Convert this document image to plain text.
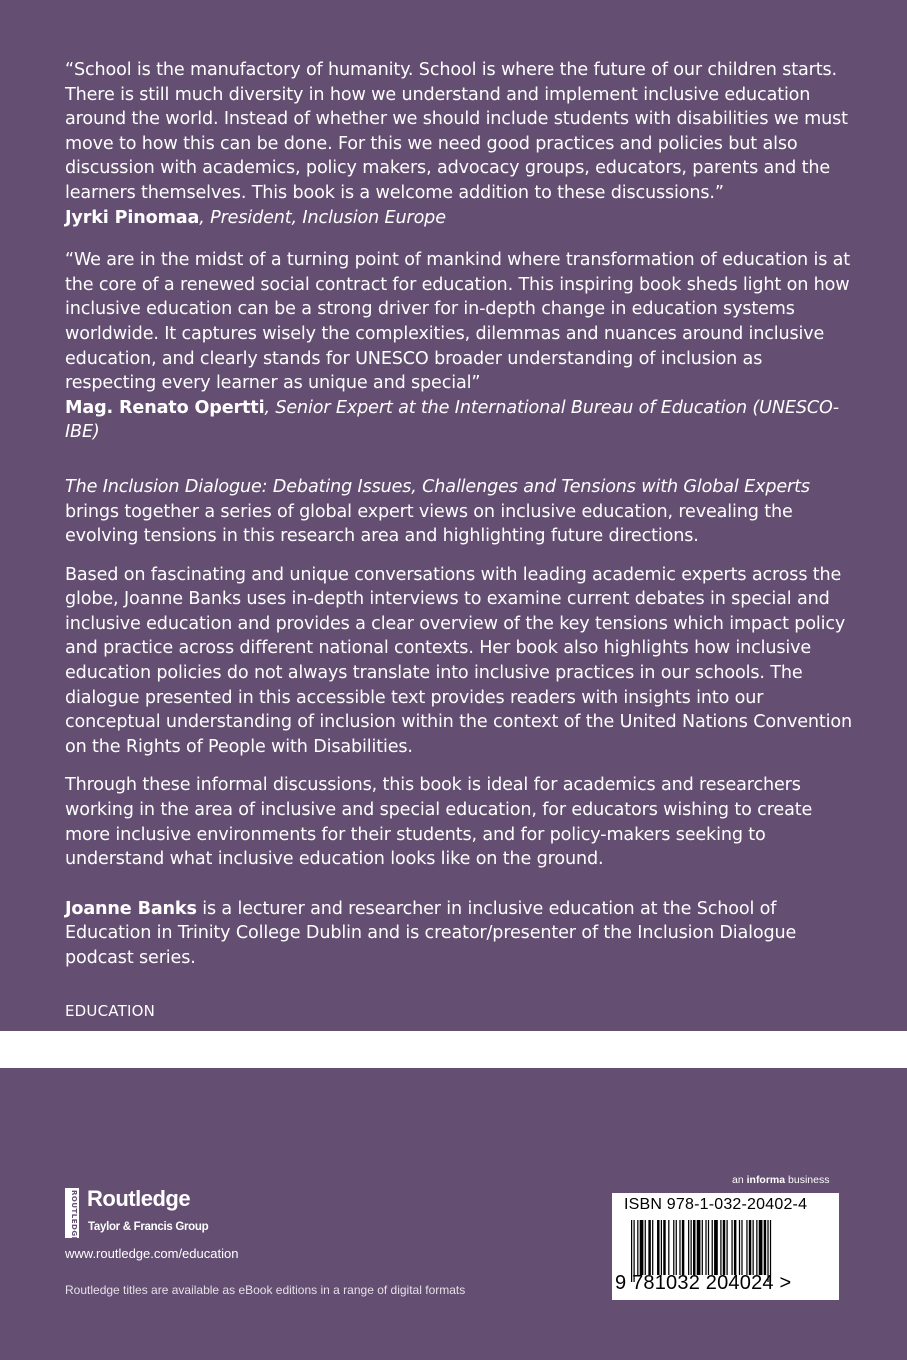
“School is the manufactory of humanity. School is where the future of our children starts. There is still much diversity in how we understand and implement inclusive education around the world. Instead of whether we should include students with disabilities we must move to how this can be done. For this we need good practices and policies but also discussion with academics, policy makers, advocacy groups, educators, parents and the learners themselves. This book is a welcome addition to these discussions.”
Jyrki Pinomaa, President, Inclusion Europe

“We are in the midst of a turning point of mankind where transformation of education is at the core of a renewed social contract for education. This inspiring book sheds light on how inclusive education can be a strong driver for in-depth change in education systems worldwide. It captures wisely the complexities, dilemmas and nuances around inclusive education, and clearly stands for UNESCO broader understanding of inclusion as respecting every learner as unique and special”
Mag. Renato Opertti, Senior Expert at the International Bureau of Education (UNESCO-IBE)

The Inclusion Dialogue: Debating Issues, Challenges and Tensions with Global Experts brings together a series of global expert views on inclusive education, revealing the evolving tensions in this research area and highlighting future directions.

Based on fascinating and unique conversations with leading academic experts across the globe, Joanne Banks uses in-depth interviews to examine current debates in special and inclusive education and provides a clear overview of the key tensions which impact policy and practice across different national contexts. Her book also highlights how inclusive education policies do not always translate into inclusive practices in our schools. The dialogue presented in this accessible text provides readers with insights into our conceptual understanding of inclusion within the context of the United Nations Convention on the Rights of People with Disabilities.

Through these informal discussions, this book is ideal for academics and researchers working in the area of inclusive and special education, for educators wishing to create more inclusive environments for their students, and for policy-makers seeking to understand what inclusive education looks like on the ground.

Joanne Banks is a lecturer and researcher in inclusive education at the School of Education in Trinity College Dublin and is creator/presenter of the Inclusion Dialogue podcast series.

EDUCATION

ROUTLEDGE Routledge
Taylor & Francis Group
www.routledge.com/education
Routledge titles are available as eBook editions in a range of digital formats
an informa business
ISBN 978-1-032-20402-4
9 781032 204024 >
